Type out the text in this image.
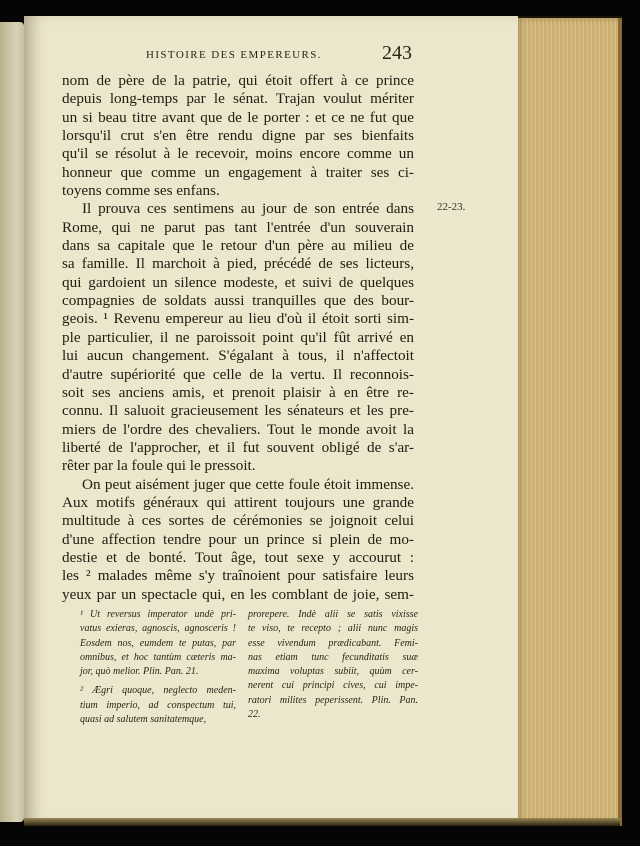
HISTOIRE DES EMPEREURS.	243
22-23.
nom de père de la patrie, qui étoit offert à ce prince
depuis long-temps par le sénat. Trajan voulut mériter
un si beau titre avant que de le porter : et ce ne fut que
lorsqu'il crut s'en être rendu digne par ses bienfaits
qu'il se résolut à le recevoir, moins encore comme un
honneur que comme un engagement à traiter ses ci-
toyens comme ses enfans.
Il prouva ces sentimens au jour de son entrée dans
Rome, qui ne parut pas tant l'entrée d'un souverain
dans sa capitale que le retour d'un père au milieu de
sa famille. Il marchoit à pied, précédé de ses licteurs,
qui gardoient un silence modeste, et suivi de quelques
compagnies de soldats aussi tranquilles que des bour-
geois. ¹ Revenu empereur au lieu d'où il étoit sorti sim-
ple particulier, il ne paroissoit point qu'il fût arrivé en
lui aucun changement. S'égalant à tous, il n'affectoit
d'autre supériorité que celle de la vertu. Il reconnois-
soit ses anciens amis, et prenoit plaisir à en être re-
connu. Il saluoit gracieusement les sénateurs et les pre-
miers de l'ordre des chevaliers. Tout le monde avoit la
liberté de l'approcher, et il fut souvent obligé de s'ar-
rêter par la foule qui le pressoit.
On peut aisément juger que cette foule étoit immense.
Aux motifs généraux qui attirent toujours une grande
multitude à ces sortes de cérémonies se joignoit celui
d'une affection tendre pour un prince si plein de mo-
destie et de bonté. Tout âge, tout sexe y accourut :
les ² malades même s'y traînoient pour satisfaire leurs
yeux par un spectacle qui, en les comblant de joie, sem-
¹ Ut reversus imperator undè pri-
vatus exieras, agnoscis, agnosceris !
Eosdem nos, eumdem te putas, par
omnibus, et hoc tantùm cæteris ma-
jor, quò melior. Plin. Pan. 21.
² Ægri quoque, neglecto meden-
tium imperio, ad conspectum tui,
quasi ad salutem sanitatemque,
prorepere. Indè alii se satis vixisse
te viso, te recepto ; alii nunc magis
esse vivendum prædicabant. Femi-
nas etiam tunc fecunditatis suæ
maxima voluptas subiit, quùm cer-
nerent cui principi cives, cui impe-
ratori milites peperissent. Plin. Pan.
22.
